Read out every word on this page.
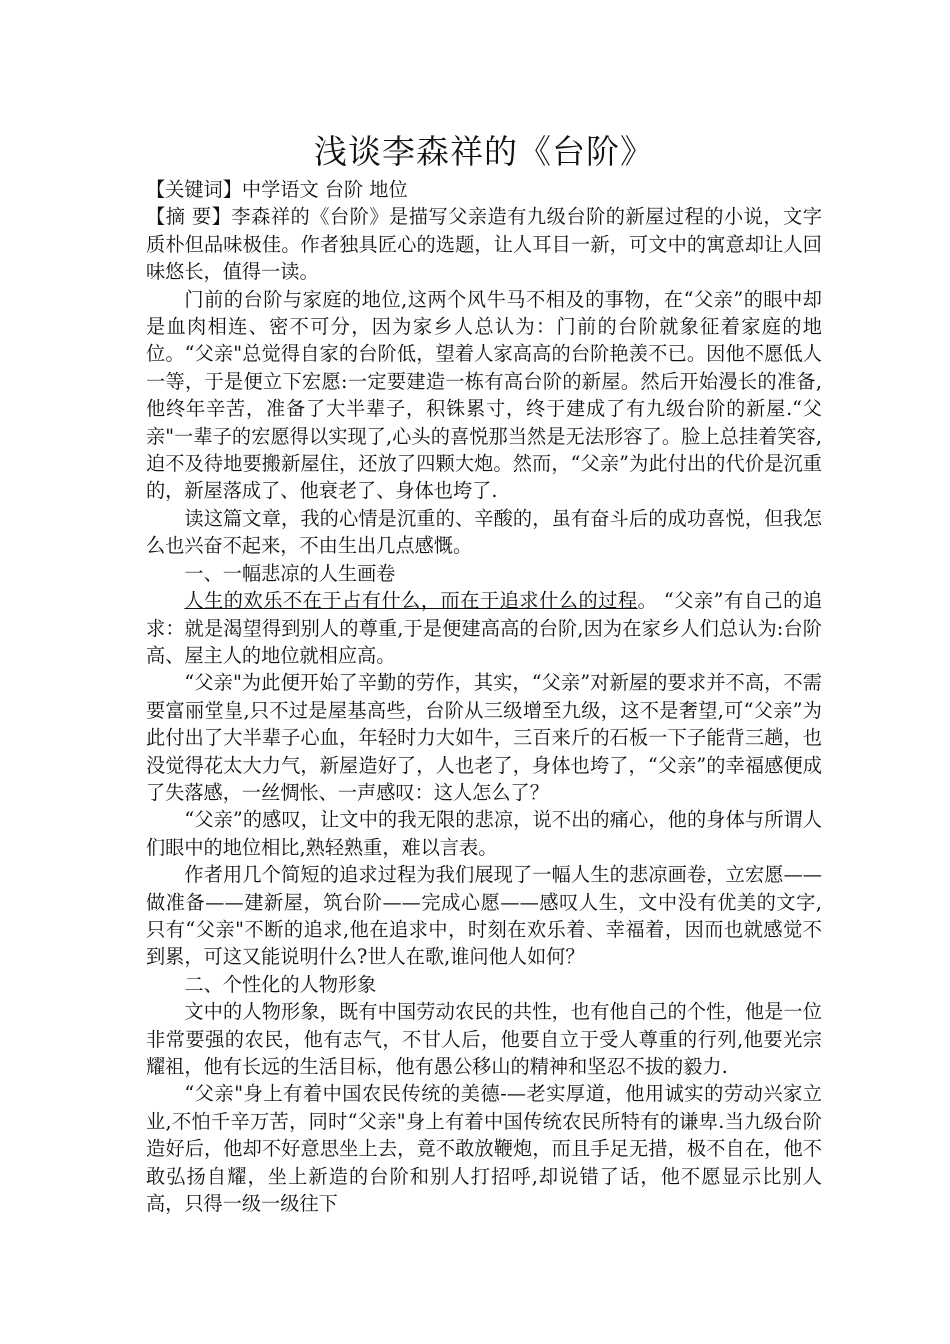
浅谈李森祥的《台阶》

【关键词】中学语文 台阶 地位

【摘 要】李森祥的《台阶》是描写父亲造有九级台阶的新屋过程的小说，文字质朴但品味极佳。作者独具匠心的选题，让人耳目一新，可文中的寓意却让人回味悠长，值得一读。

门前的台阶与家庭的地位,这两个风牛马不相及的事物，在“父亲”的眼中却是血肉相连、密不可分，因为家乡人总认为：门前的台阶就象征着家庭的地位。“父亲"总觉得自家的台阶低，望着人家高高的台阶艳羡不已。因他不愿低人一等，于是便立下宏愿:一定要建造一栋有高台阶的新屋。然后开始漫长的准备,他终年辛苦，准备了大半辈子，积铢累寸，终于建成了有九级台阶的新屋.“父亲"一辈子的宏愿得以实现了,心头的喜悦那当然是无法形容了。脸上总挂着笑容,迫不及待地要搬新屋住，还放了四颗大炮。然而，“父亲”为此付出的代价是沉重的，新屋落成了、他衰老了、身体也垮了.

读这篇文章，我的心情是沉重的、辛酸的，虽有奋斗后的成功喜悦，但我怎么也兴奋不起来，不由生出几点感慨。

一、一幅悲凉的人生画卷

人生的欢乐不在于占有什么，而在于追求什么的过程。 “父亲”有自己的追求：就是渴望得到别人的尊重,于是便建高高的台阶,因为在家乡人们总认为:台阶高、屋主人的地位就相应高。

“父亲"为此便开始了辛勤的劳作，其实，“父亲”对新屋的要求并不高，不需要富丽堂皇,只不过是屋基高些，台阶从三级增至九级，这不是奢望,可“父亲”为此付出了大半辈子心血，年轻时力大如牛，三百来斤的石板一下子能背三趟，也没觉得花太大力气，新屋造好了，人也老了，身体也垮了，“父亲”的幸福感便成了失落感，一丝惆怅、一声感叹：这人怎么了？

“父亲”的感叹，让文中的我无限的悲凉，说不出的痛心，他的身体与所谓人们眼中的地位相比,熟轻熟重，难以言表。

作者用几个简短的追求过程为我们展现了一幅人生的悲凉画卷，立宏愿——做准备——建新屋，筑台阶——完成心愿——感叹人生，文中没有优美的文字,只有“父亲"不断的追求,他在追求中，时刻在欢乐着、幸福着，因而也就感觉不到累，可这又能说明什么?世人在歌,谁问他人如何？

二、个性化的人物形象

文中的人物形象，既有中国劳动农民的共性，也有他自己的个性，他是一位非常要强的农民，他有志气，不甘人后，他要自立于受人尊重的行列,他要光宗耀祖，他有长远的生活目标，他有愚公移山的精神和坚忍不拔的毅力.

“父亲"身上有着中国农民传统的美德-—老实厚道，他用诚实的劳动兴家立业,不怕千辛万苦，同时“父亲"身上有着中国传统农民所特有的谦卑.当九级台阶造好后，他却不好意思坐上去，竟不敢放鞭炮，而且手足无措，极不自在，他不敢弘扬自耀，坐上新造的台阶和别人打招呼,却说错了话，他不愿显示比别人高，只得一级一级往下
